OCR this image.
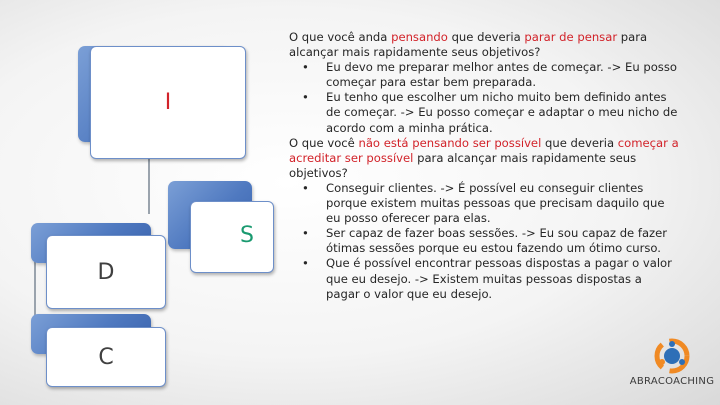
I
S
D
C

O que você anda pensando que deveria parar de pensar para alcançar mais rapidamente seus objetivos?

• Eu devo me preparar melhor antes de começar. -> Eu posso começar para estar bem preparada.
• Eu tenho que escolher um nicho muito bem definido antes de começar. -> Eu posso começar e adaptar o meu nicho de acordo com a minha prática.

O que você não está pensando ser possível que deveria começar a acreditar ser possível para alcançar mais rapidamente seus objetivos?

• Conseguir clientes. -> É possível eu conseguir clientes porque existem muitas pessoas que precisam daquilo que eu posso oferecer para elas.
• Ser capaz de fazer boas sessões. -> Eu sou capaz de fazer ótimas sessões porque eu estou fazendo um ótimo curso.
• Que é possível encontrar pessoas dispostas a pagar o valor que eu desejo. -> Existem muitas pessoas dispostas a pagar o valor que eu desejo.
ABRACOACHING
